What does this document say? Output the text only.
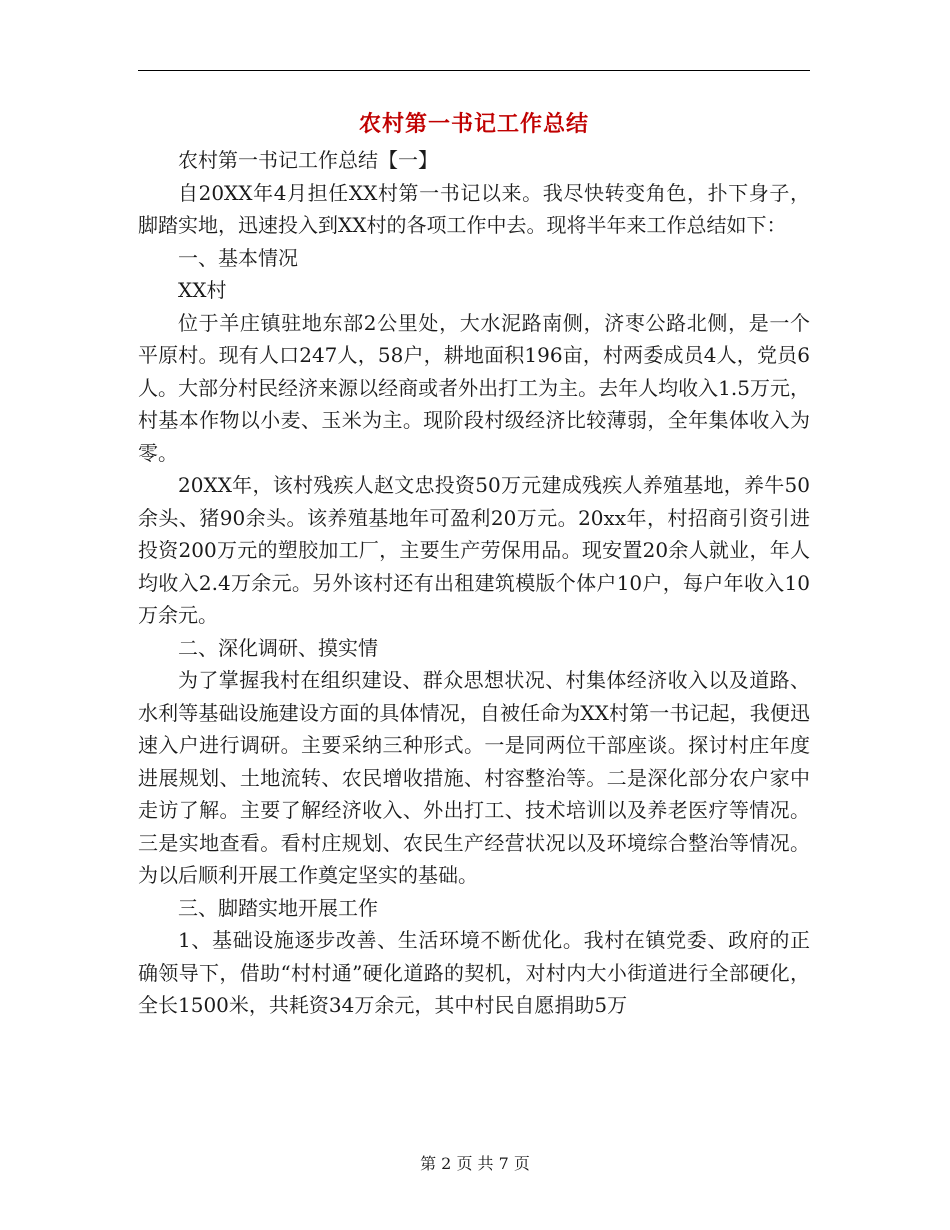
农村第一书记工作总结

农村第一书记工作总结【一】

自20XX年4月担任XX村第一书记以来。我尽快转变角色，扑下身子，脚踏实地，迅速投入到XX村的各项工作中去。现将半年来工作总结如下：

一、基本情况

XX村

位于羊庄镇驻地东部2公里处，大水泥路南侧，济枣公路北侧，是一个平原村。现有人口247人，58户，耕地面积196亩，村两委成员4人，党员6人。大部分村民经济来源以经商或者外出打工为主。去年人均收入1.5万元，村基本作物以小麦、玉米为主。现阶段村级经济比较薄弱，全年集体收入为零。

20XX年，该村残疾人赵文忠投资50万元建成残疾人养殖基地，养牛50余头、猪90余头。该养殖基地年可盈利20万元。20xx年，村招商引资引进投资200万元的塑胶加工厂，主要生产劳保用品。现安置20余人就业，年人均收入2.4万余元。另外该村还有出租建筑模版个体户10户，每户年收入10万余元。

二、深化调研、摸实情

为了掌握我村在组织建设、群众思想状况、村集体经济收入以及道路、水利等基础设施建设方面的具体情况，自被任命为XX村第一书记起，我便迅速入户进行调研。主要采纳三种形式。一是同两位干部座谈。探讨村庄年度进展规划、土地流转、农民增收措施、村容整治等。二是深化部分农户家中走访了解。主要了解经济收入、外出打工、技术培训以及养老医疗等情况。三是实地查看。看村庄规划、农民生产经营状况以及环境综合整治等情况。为以后顺利开展工作奠定坚实的基础。

三、脚踏实地开展工作

1、基础设施逐步改善、生活环境不断优化。我村在镇党委、政府的正确领导下，借助“村村通”硬化道路的契机，对村内大小街道进行全部硬化，全长1500米，共耗资34万余元，其中村民自愿捐助5万

第 2 页 共 7 页
